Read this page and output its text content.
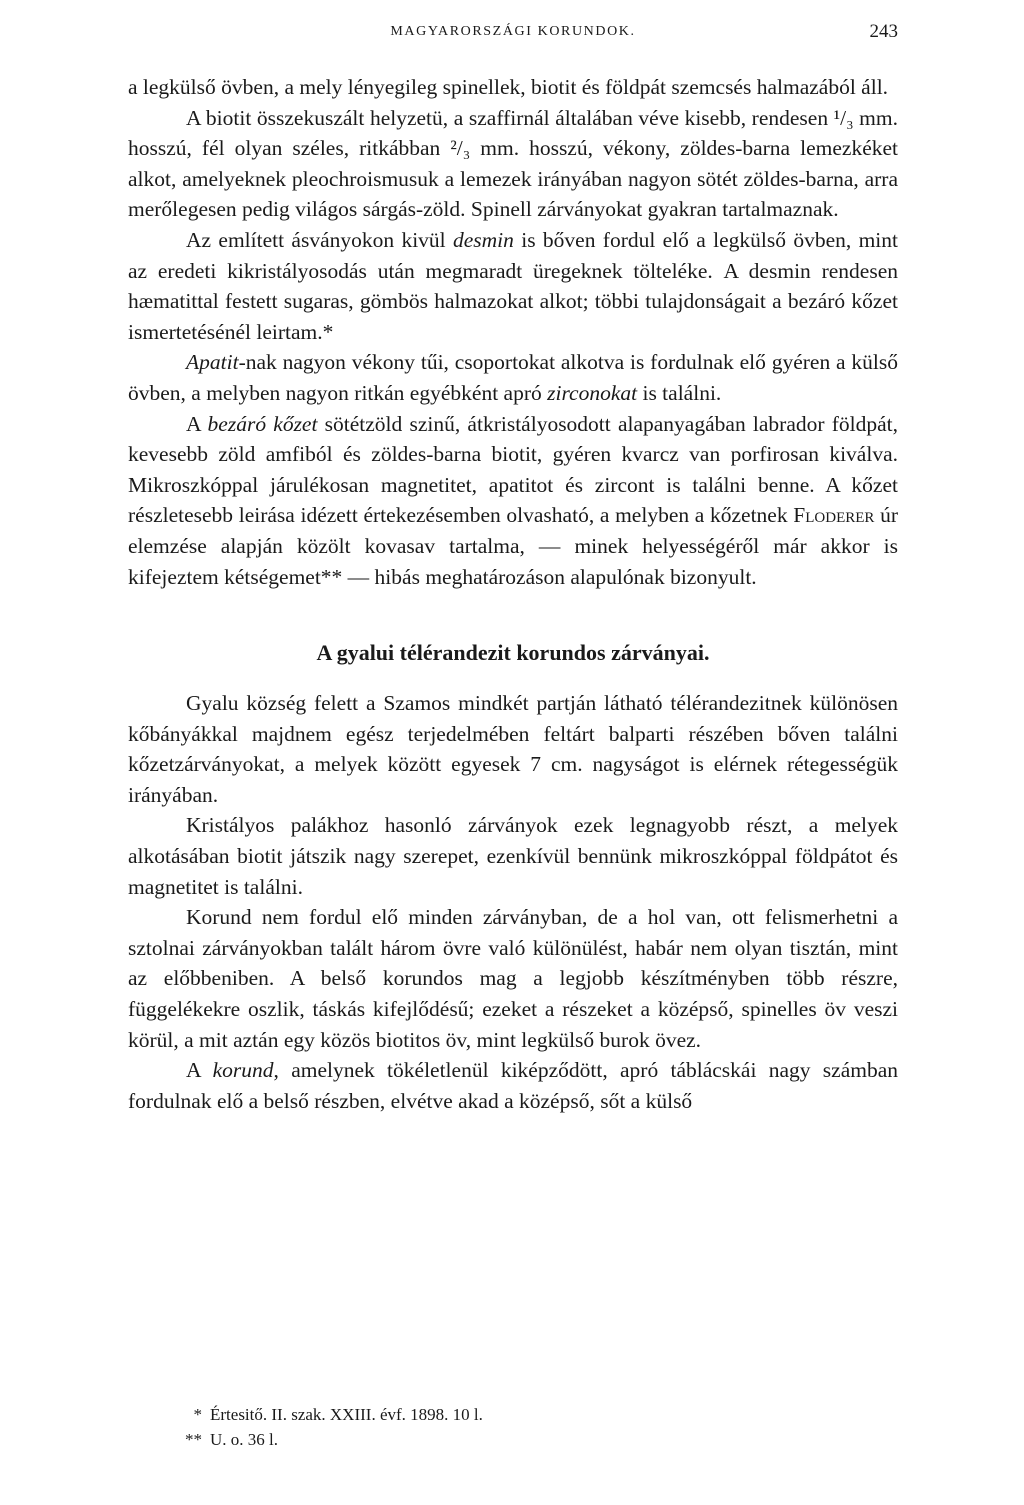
MAGYARORSZÁGI KORUNDOK.	243

a legkülső övben, a mely lényegileg spinellek, biotit és földpát szemcsés halmazából áll.

A biotit összekuszált helyzetü, a szaffirnál általában véve kisebb, rendesen ¹/₃ mm. hosszú, fél olyan széles, ritkábban ²/₃ mm. hosszú, vékony, zöldes-barna lemezkéket alkot, amelyeknek pleochroismusuk a lemezek irányában nagyon sötét zöldes-barna, arra merőlegesen pedig világos sárgás-zöld. Spinell zárványokat gyakran tartalmaznak.

Az említett ásványokon kivül desmin is bőven fordul elő a legkülső övben, mint az eredeti kikristályosodás után megmaradt üregeknek töltelékе. A desmin rendesen hæmatittal festett sugaras, gömbös halmazokat alkot; többi tulajdonságait a bezáró kőzet ismertetésénél leirtam.*

Apatit-nak nagyon vékony tűi, csoportokat alkotva is fordulnak elő gyéren a külső övben, a melyben nagyon ritkán egyébként apró zirconokat is találni.

A bezáró kőzet sötétzöld szinű, átkristályosodott alapanyagában labrador földpát, kevesebb zöld amfiból és zöldes-barna biotit, gyéren kvarcz van porfirosan kiválva. Mikroszkóppal járulékosan magnetitet, apatitot és zircont is találni benne. A kőzet részletesebb leirása idézett értekezésemben olvasható, a melyben a kőzetnek Floderer úr elemzése alapján közölt kovasav tartalma, — minek helyességéről már akkor is kifejeztem kétségemet** — hibás meghatározáson alapulónak bizonyult.

A gyalui télérandezit korundos zárványai.

Gyalu község felett a Szamos mindkét partján látható télérandezitnek különösen kőbányákkal majdnem egész terjedelmében feltárt balparti részében bőven találni kőzetzárványokat, a melyek között egyesek 7 cm. nagyságot is elérnek rétegességük irányában.

Kristályos palákhoz hasonló zárványok ezek legnagyobb részt, a melyek alkotásában biotit játszik nagy szerepet, ezenkívül bennünk mikroszkóppal földpátot és magnetitet is találni.

Korund nem fordul elő minden zárványban, de a hol van, ott felismerhetni a sztolnai zárványokban talált három övre való különülést, habár nem olyan tisztán, mint az előbbeniben. A belső korundos mag a legjobb készítményben több részre, függelékekre oszlik, táskás kifejlődésű; ezeket a részeket a középső, spinelles öv veszi körül, a mit aztán egy közös biotitos öv, mint legkülső burok övez.

A korund, amelynek tökéletlenül kiképződött, apró táblácskái nagy számban fordulnak elő a belső részben, elvétve akad a középső, sőt a külső

* Értesitő. II. szak. XXIII. évf. 1898. 10 l.
** U. o. 36 l.
